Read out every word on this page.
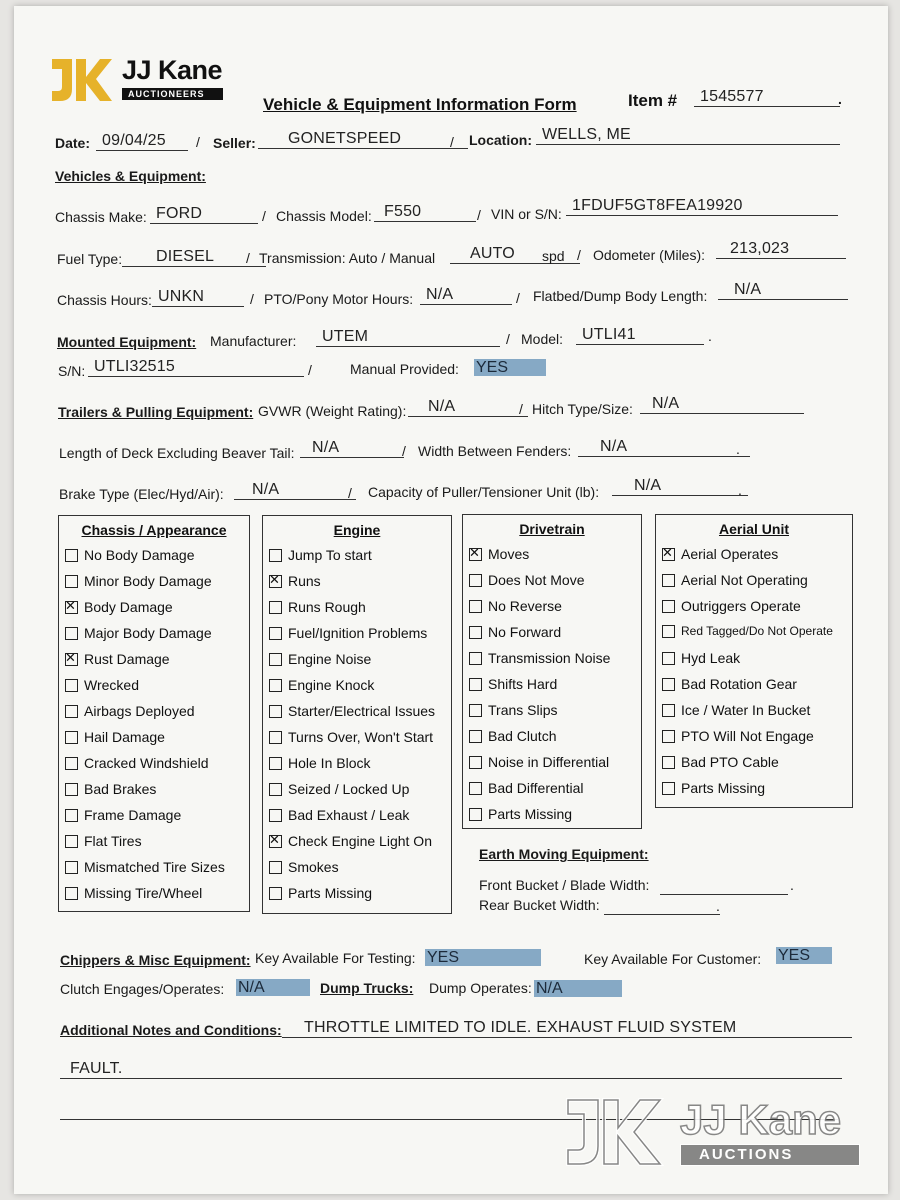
JJ Kane
AUCTIONEERS
Vehicle & Equipment Information Form	Item #	1545577	.
Date: 09/04/25	/ Seller:	GONETSPEED	/ Location: WELLS, ME
Vehicles & Equipment:
Chassis Make: FORD	/ Chassis Model: F550	/ VIN or S/N: 1FDUF5GT8FEA19920
Fuel Type:	DIESEL	/ Transmission: Auto / Manual	AUTO	spd / Odometer (Miles):	213,023
Chassis Hours: UNKN	/ PTO/Pony Motor Hours: N/A	/ Flatbed/Dump Body Length:	N/A
Mounted Equipment: Manufacturer:	UTEM	/ Model:	UTLI41	.
S/N: UTLI32515	/	Manual Provided: YES
Trailers & Pulling Equipment: GVWR (Weight Rating):	N/A	/ Hitch Type/Size:	N/A
Length of Deck Excluding Beaver Tail:	N/A	/ Width Between Fenders:	N/A	.
Brake Type (Elec/Hyd/Air):	N/A	/ Capacity of Puller/Tensioner Unit (lb):	N/A	.
Chassis / Appearance
No Body Damage
Minor Body Damage
✕
Body Damage
Major Body Damage
✕
Rust Damage
Wrecked
Airbags Deployed
Hail Damage
Cracked Windshield
Bad Brakes
Frame Damage
Flat Tires
Mismatched Tire Sizes
Missing Tire/Wheel
Engine
Jump To start
✕
Runs
Runs Rough
Fuel/Ignition Problems
Engine Noise
Engine Knock
Starter/Electrical Issues
Turns Over, Won't Start
Hole In Block
Seized / Locked Up
Bad Exhaust / Leak
✕
Check Engine Light On
Smokes
Parts Missing
Drivetrain
✕
Moves
Does Not Move
No Reverse
No Forward
Transmission Noise
Shifts Hard
Trans Slips
Bad Clutch
Noise in Differential
Bad Differential
Parts Missing
Aerial Unit
✕
Aerial Operates
Aerial Not Operating
Outriggers Operate
Red Tagged/Do Not Operate
Hyd Leak
Bad Rotation Gear
Ice / Water In Bucket
PTO Will Not Engage
Bad PTO Cable
Parts Missing
Earth Moving Equipment:
Front Bucket / Blade Width:	.
Rear Bucket Width:	.
Chippers & Misc Equipment: Key Available For Testing: YES	Key Available For Customer: YES
Clutch Engages/Operates: N/A	Dump Trucks: Dump Operates: N/A
Additional Notes and Conditions:	THROTTLE LIMITED TO IDLE. EXHAUST FLUID SYSTEM
FAULT.
JJ Kane
AUCTIONS
